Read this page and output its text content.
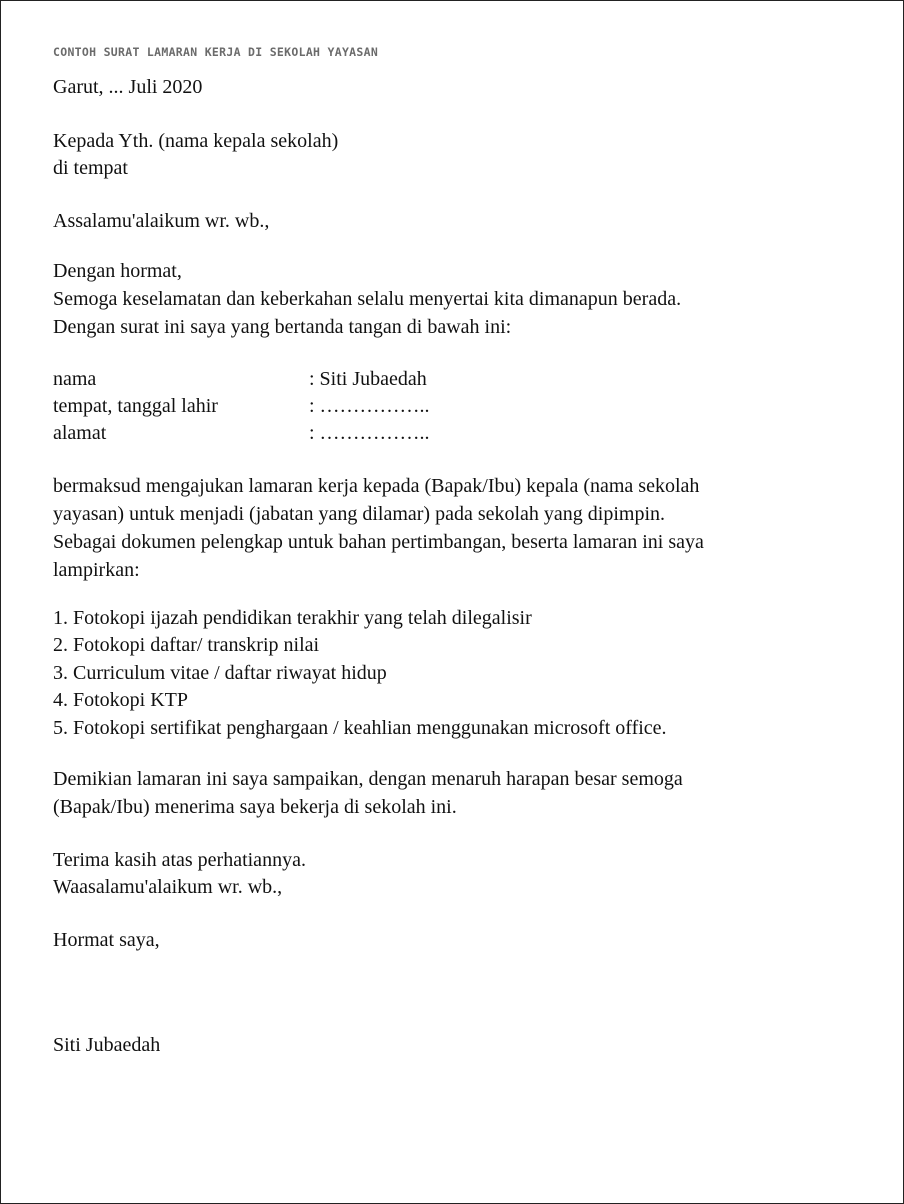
CONTOH SURAT LAMARAN KERJA DI SEKOLAH YAYASAN
Garut, ... Juli 2020
Kepada Yth. (nama kepala sekolah)
di tempat
Assalamu'alaikum wr. wb.,
Dengan hormat,
Semoga keselamatan dan keberkahan selalu menyertai kita dimanapun berada.
Dengan surat ini saya yang bertanda tangan di bawah ini:
nama	: Siti Jubaedah
tempat, tanggal lahir	: ……………..
alamat	: ……………..
bermaksud mengajukan lamaran kerja kepada (Bapak/Ibu) kepala (nama sekolah
yayasan) untuk menjadi (jabatan yang dilamar) pada sekolah yang dipimpin.
Sebagai dokumen pelengkap untuk bahan pertimbangan, beserta lamaran ini saya
lampirkan:
1. Fotokopi ijazah pendidikan terakhir yang telah dilegalisir
2. Fotokopi daftar/ transkrip nilai
3. Curriculum vitae / daftar riwayat hidup
4. Fotokopi KTP
5. Fotokopi sertifikat penghargaan / keahlian menggunakan microsoft office.
Demikian lamaran ini saya sampaikan, dengan menaruh harapan besar semoga
(Bapak/Ibu) menerima saya bekerja di sekolah ini.
Terima kasih atas perhatiannya.
Waasalamu'alaikum wr. wb.,
Hormat saya,
Siti Jubaedah
